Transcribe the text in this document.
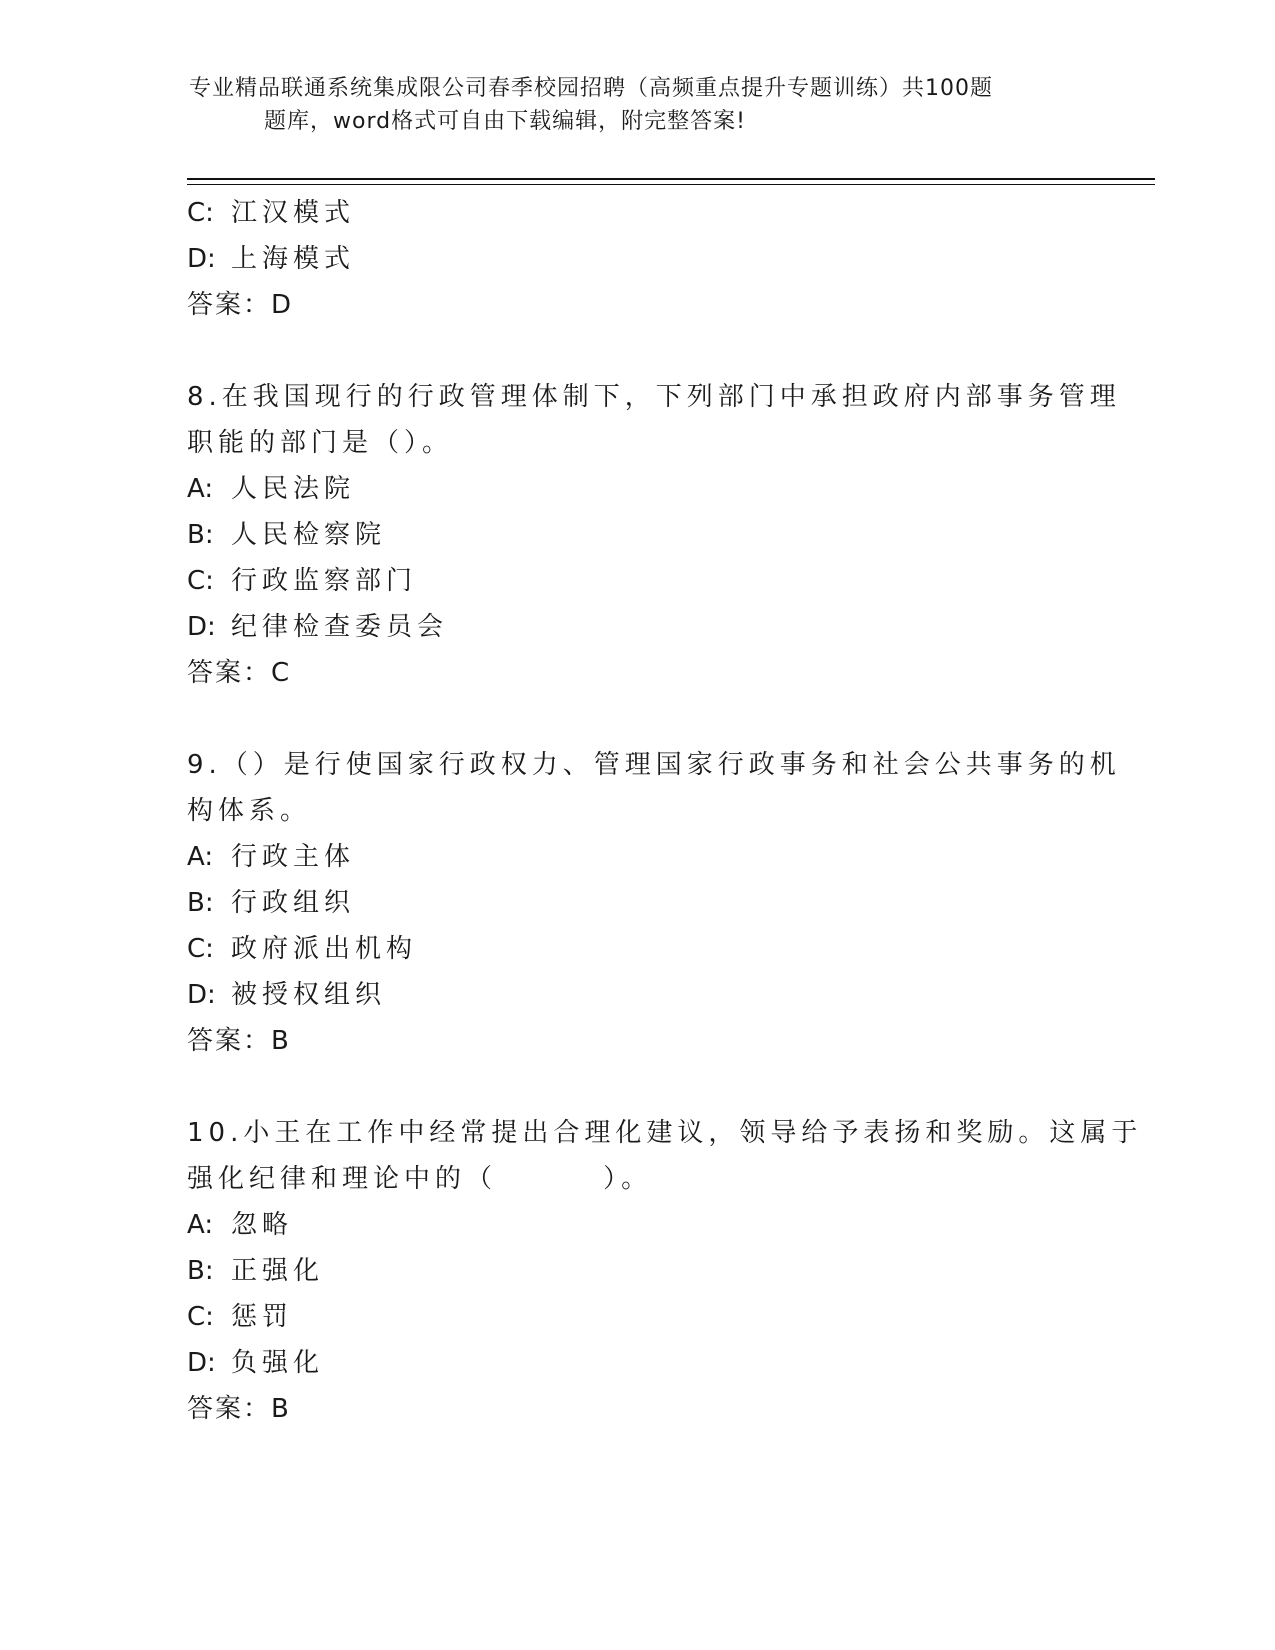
专业精品联通系统集成限公司春季校园招聘（高频重点提升专题训练）共100题
题库，word格式可自由下载编辑，附完整答案!
C: 江汉模式
D: 上海模式
答案：D
8.在我国现行的行政管理体制下，下列部门中承担政府内部事务管理
职能的部门是（）。
A: 人民法院
B: 人民检察院
C: 行政监察部门
D: 纪律检查委员会
答案：C
9.（）是行使国家行政权力、管理国家行政事务和社会公共事务的机
构体系。
A: 行政主体
B: 行政组织
C: 政府派出机构
D: 被授权组织
答案：B
10.小王在工作中经常提出合理化建议，领导给予表扬和奖励。这属于
强化纪律和理论中的（        ）。
A: 忽略
B: 正强化
C: 惩罚
D: 负强化
答案：B
